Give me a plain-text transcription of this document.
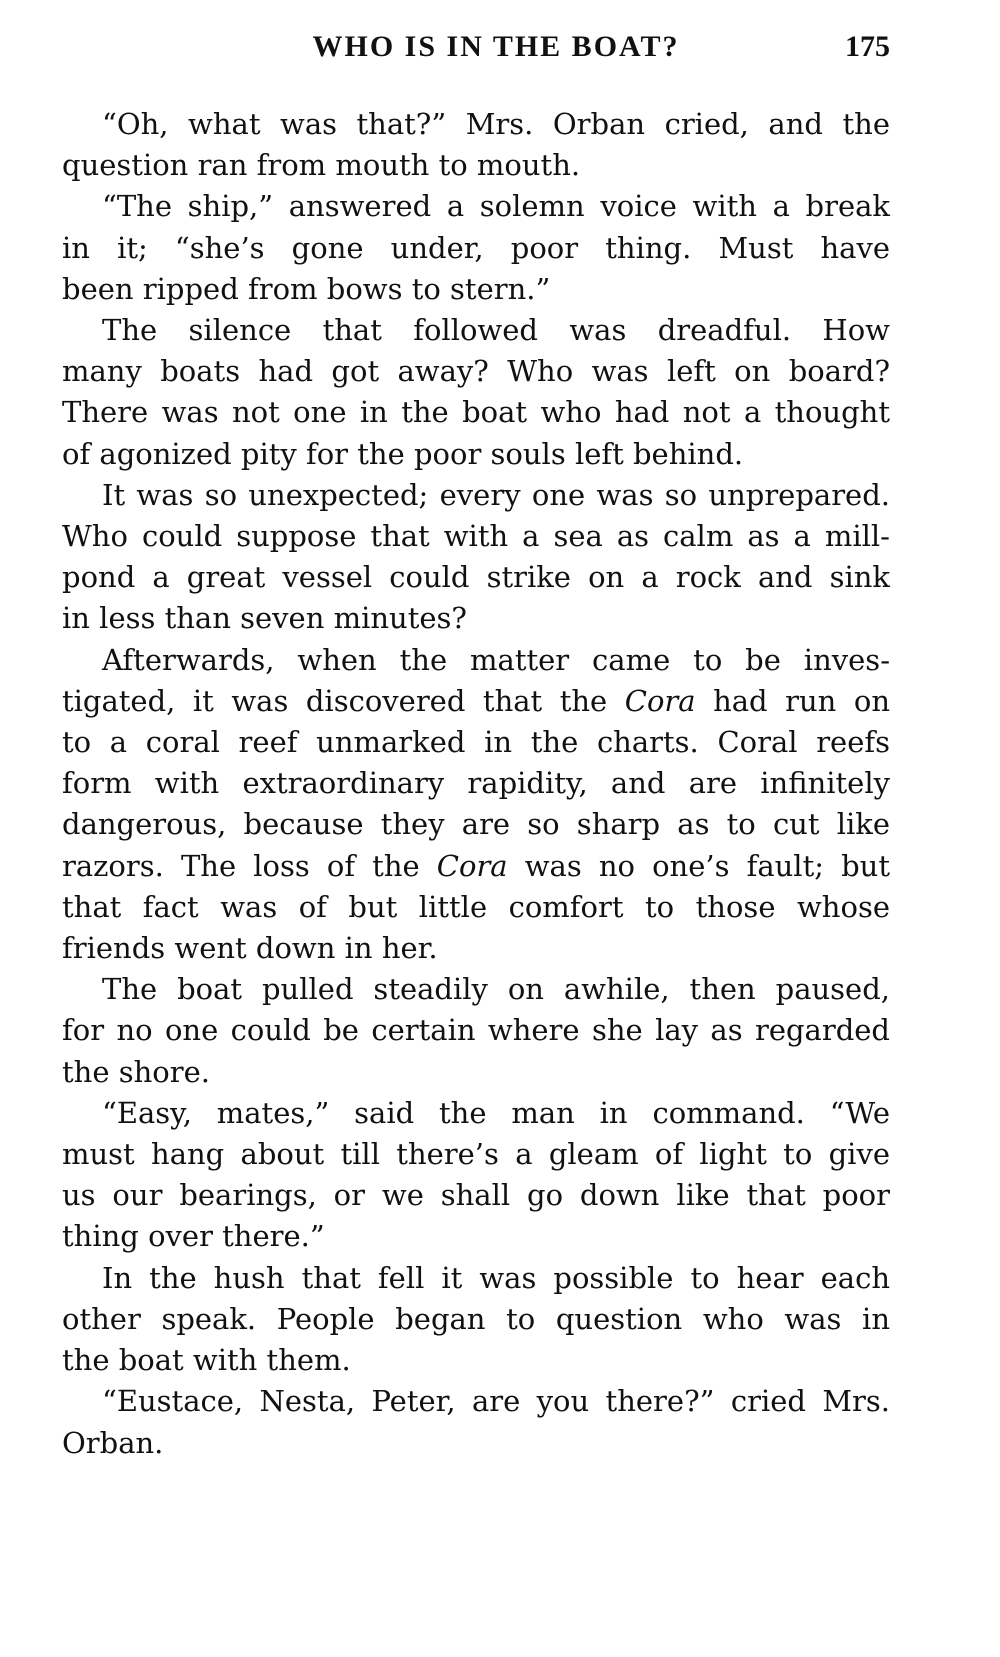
WHO IS IN THE BOAT?	175
“Oh, what was that?” Mrs. Orban cried, and the
question ran from mouth to mouth.
“The ship,” answered a solemn voice with a break
in it; “she’s gone under, poor thing. Must have
been ripped from bows to stern.”
The silence that followed was dreadful. How
many boats had got away? Who was left on board?
There was not one in the boat who had not a thought
of agonized pity for the poor souls left behind.
It was so unexpected; every one was so unprepared.
Who could suppose that with a sea as calm as a mill-
pond a great vessel could strike on a rock and sink
in less than seven minutes?
Afterwards, when the matter came to be inves-
tigated, it was discovered that the Cora had run on
to a coral reef unmarked in the charts. Coral reefs
form with extraordinary rapidity, and are infinitely
dangerous, because they are so sharp as to cut like
razors. The loss of the Cora was no one’s fault; but
that fact was of but little comfort to those whose
friends went down in her.
The boat pulled steadily on awhile, then paused,
for no one could be certain where she lay as regarded
the shore.
“Easy, mates,” said the man in command. “We
must hang about till there’s a gleam of light to give
us our bearings, or we shall go down like that poor
thing over there.”
In the hush that fell it was possible to hear each
other speak. People began to question who was in
the boat with them.
“Eustace, Nesta, Peter, are you there?” cried Mrs.
Orban.
